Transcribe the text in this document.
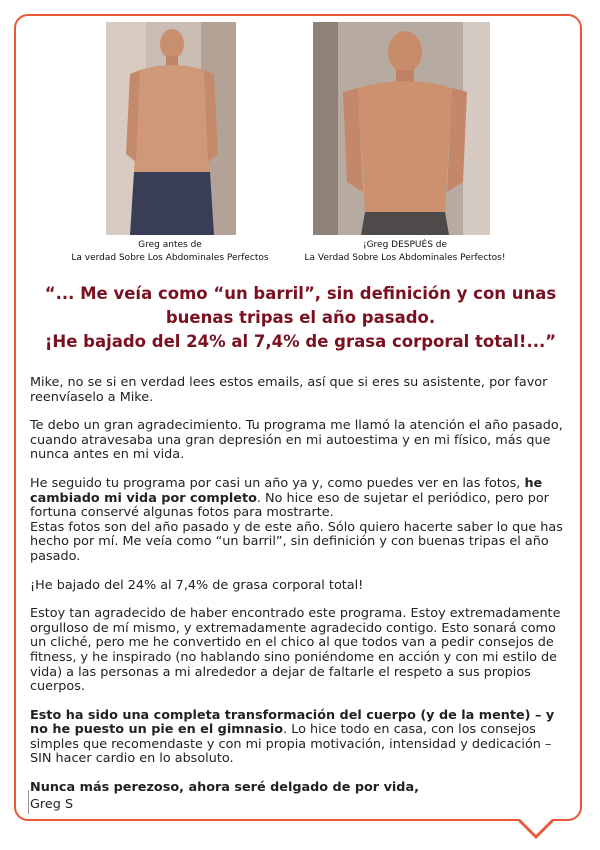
Greg antes de
La verdad Sobre Los Abdominales Perfectos
¡Greg DESPUÉS de
La Verdad Sobre Los Abdominales Perfectos!
“... Me veía como “un barril”, sin definición y con unas
buenas tripas el año pasado.
¡He bajado del 24% al 7,4% de grasa corporal total!...”

Mike, no se si en verdad lees estos emails, así que si eres su asistente, por favor reenvíaselo a Mike.

Te debo un gran agradecimiento. Tu programa me llamó la atención el año pasado, cuando atravesaba una gran depresión en mi autoestima y en mi físico, más que nunca antes en mi vida.

He seguido tu programa por casi un año ya y, como puedes ver en las fotos, he cambiado mi vida por completo. No hice eso de sujetar el periódico, pero por fortuna conservé algunas fotos para mostrarte.

Estas fotos son del año pasado y de este año. Sólo quiero hacerte saber lo que has hecho por mí. Me veía como “un barril”, sin definición y con buenas tripas el año pasado.

¡He bajado del 24% al 7,4% de grasa corporal total!

Estoy tan agradecido de haber encontrado este programa. Estoy extremadamente orgulloso de mí mismo, y extremadamente agradecido contigo. Esto sonará como un cliché, pero me he convertido en el chico al que todos van a pedir consejos de fitness, y he inspirado (no hablando sino poniéndome en acción y con mi estilo de vida) a las personas a mi alrededor a dejar de faltarle el respeto a sus propios cuerpos.

Esto ha sido una completa transformación del cuerpo (y de la mente) – y no he puesto un pie en el gimnasio. Lo hice todo en casa, con los consejos simples que recomendaste y con mi propia motivación, intensidad y dedicación – SIN hacer cardio en lo absoluto.

Nunca más perezoso, ahora seré delgado de por vida,

Greg S
